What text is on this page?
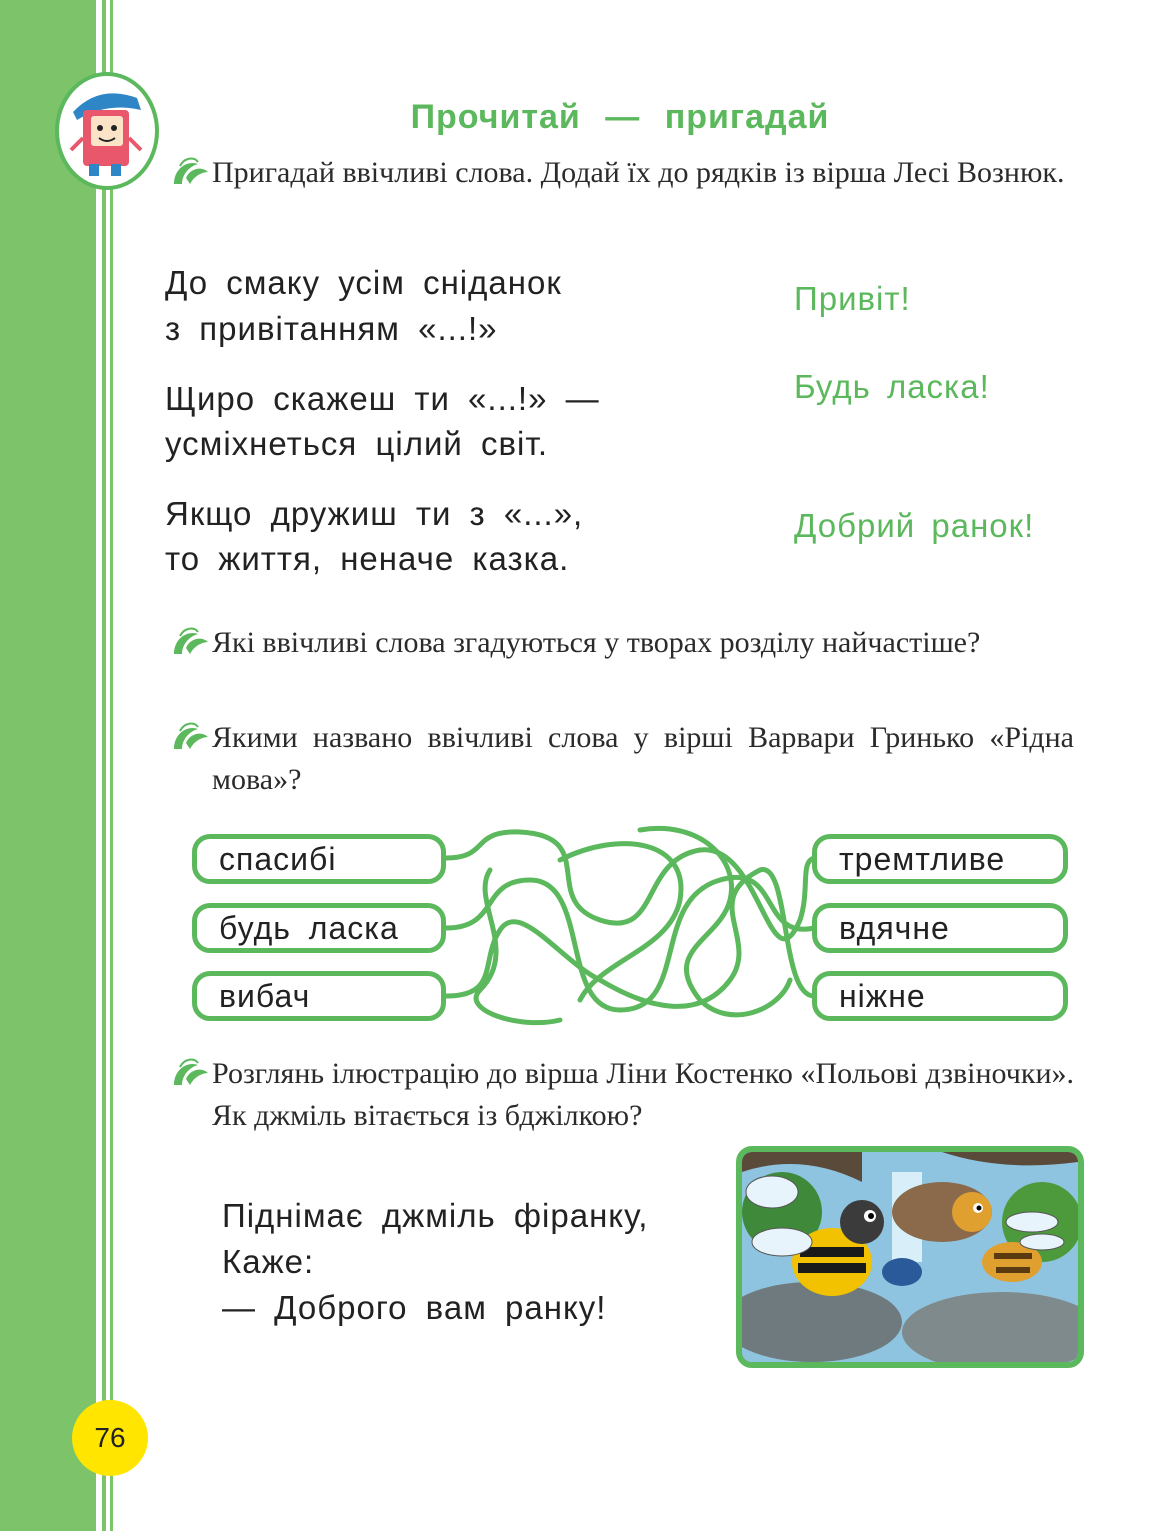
Прочитай — пригадай
Пригадай ввічливі слова. Додай їх до рядків із вірша Лесі Вознюк.
До смаку усім сніданок
з привітанням «...!»
Щиро скажеш ти «...!» —
усміхнеться цілий світ.
Якщо дружиш ти з «...»,
то життя, неначе казка.
Привіт!
Будь ласка!
Добрий ранок!
Які ввічливі слова згадуються у творах розділу найчастіше?
Якими названо ввічливі слова у вірші Варвари Гринько «Рідна мова»?
спасибі
будь ласка
вибач
тремтливе
вдячне
ніжне
Розглянь ілюстрацію до вірша Ліни Костенко «Польові дзвіночки». Як джміль вітається із бджілкою?
Піднімає джміль фіранку,
Каже:
— Доброго вам ранку!
76
